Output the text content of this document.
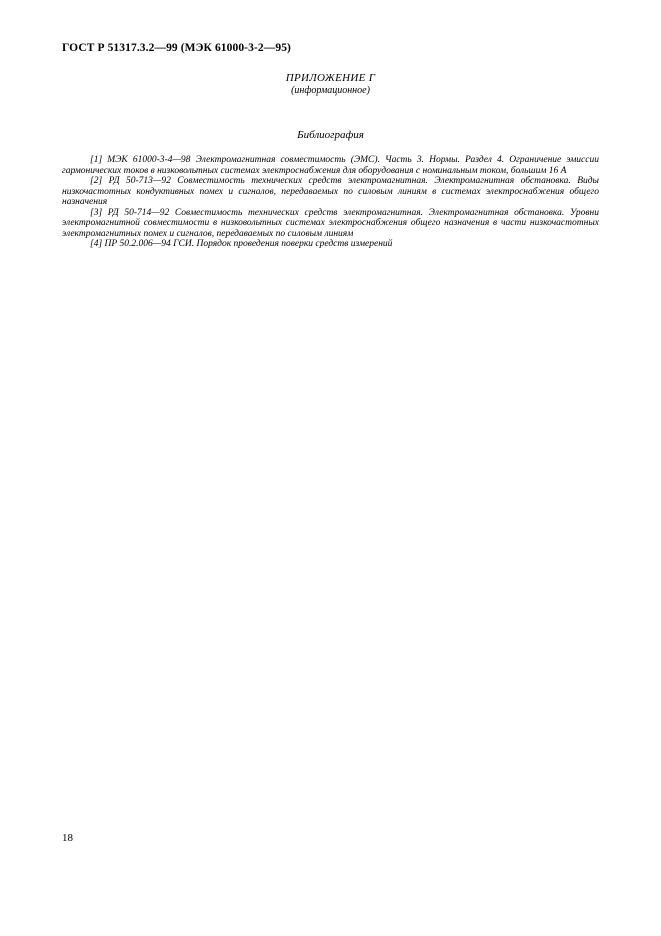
ГОСТ Р 51317.3.2—99 (МЭК 61000-3-2—95)
ПРИЛОЖЕНИЕ Г
(информационное)
Библиография

[1] МЭК 61000-3-4—98 Электромагнитная совместимость (ЭМС). Часть 3. Нормы. Раздел 4. Ограничение эмиссии гармонических токов в низковольтных системах электроснабжения для оборудования с номинальным током, большим 16 А

[2] РД 50-713—92 Совместимость технических средств электромагнитная. Электромагнитная обстановка. Виды низкочастотных кондуктивных помех и сигналов, передаваемых по силовым линиям в системах электроснабжения общего назначения

[3] РД 50-714—92 Совместимость технических средств электромагнитная. Электромагнитная обстановка. Уровни электромагнитной совместимости в низковольтных системах электроснабжения общего назначения в части низкочастотных электромагнитных помех и сигналов, передаваемых по силовым линиям

[4] ПР 50.2.006—94 ГСИ. Порядок проведения поверки средств измерений

18
